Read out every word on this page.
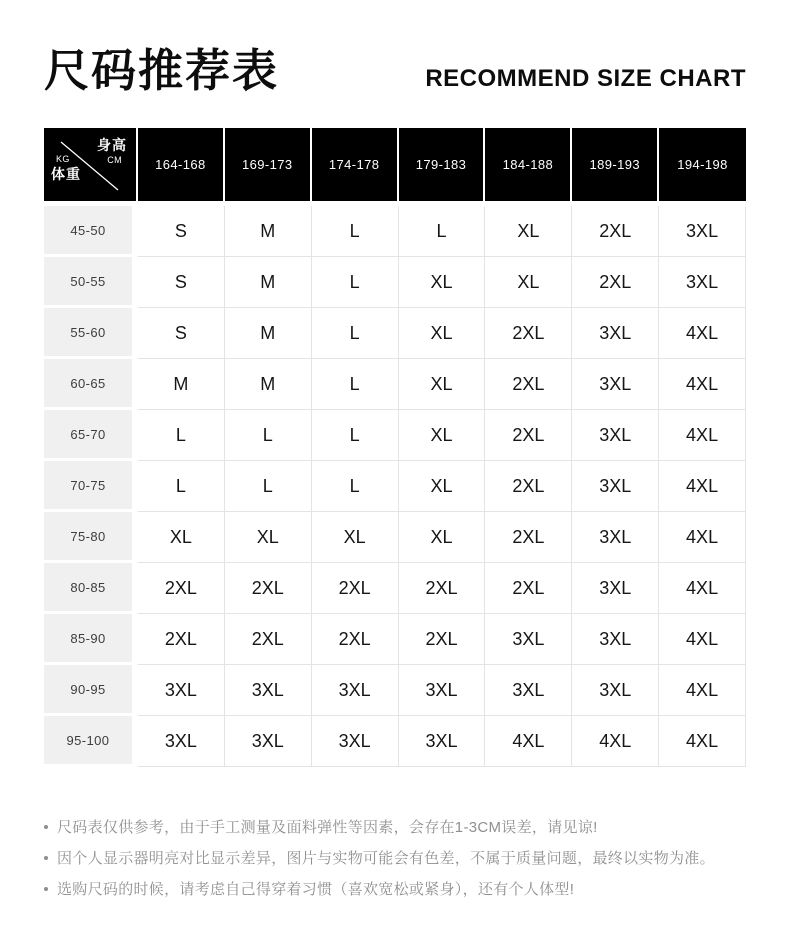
尺码推荐表	RECOMMEND SIZE CHART
身高
CM
KG
体重
164-168	169-173	174-178	179-183	184-188	189-193	194-198
45-50	S	M	L	L	XL	2XL	3XL
50-55	S	M	L	XL	XL	2XL	3XL
55-60	S	M	L	XL	2XL	3XL	4XL
60-65	M	M	L	XL	2XL	3XL	4XL
65-70	L	L	L	XL	2XL	3XL	4XL
70-75	L	L	L	XL	2XL	3XL	4XL
75-80	XL	XL	XL	XL	2XL	3XL	4XL
80-85	2XL	2XL	2XL	2XL	2XL	3XL	4XL
85-90	2XL	2XL	2XL	2XL	3XL	3XL	4XL
90-95	3XL	3XL	3XL	3XL	3XL	3XL	4XL
95-100	3XL	3XL	3XL	3XL	4XL	4XL	4XL
尺码表仅供参考，由于手工测量及面料弹性等因素，会存在1-3CM误差，请见谅!
因个人显示器明亮对比显示差异，图片与实物可能会有色差，不属于质量问题，最终以实物为准。
选购尺码的时候，请考虑自己得穿着习惯（喜欢宽松或紧身），还有个人体型!
